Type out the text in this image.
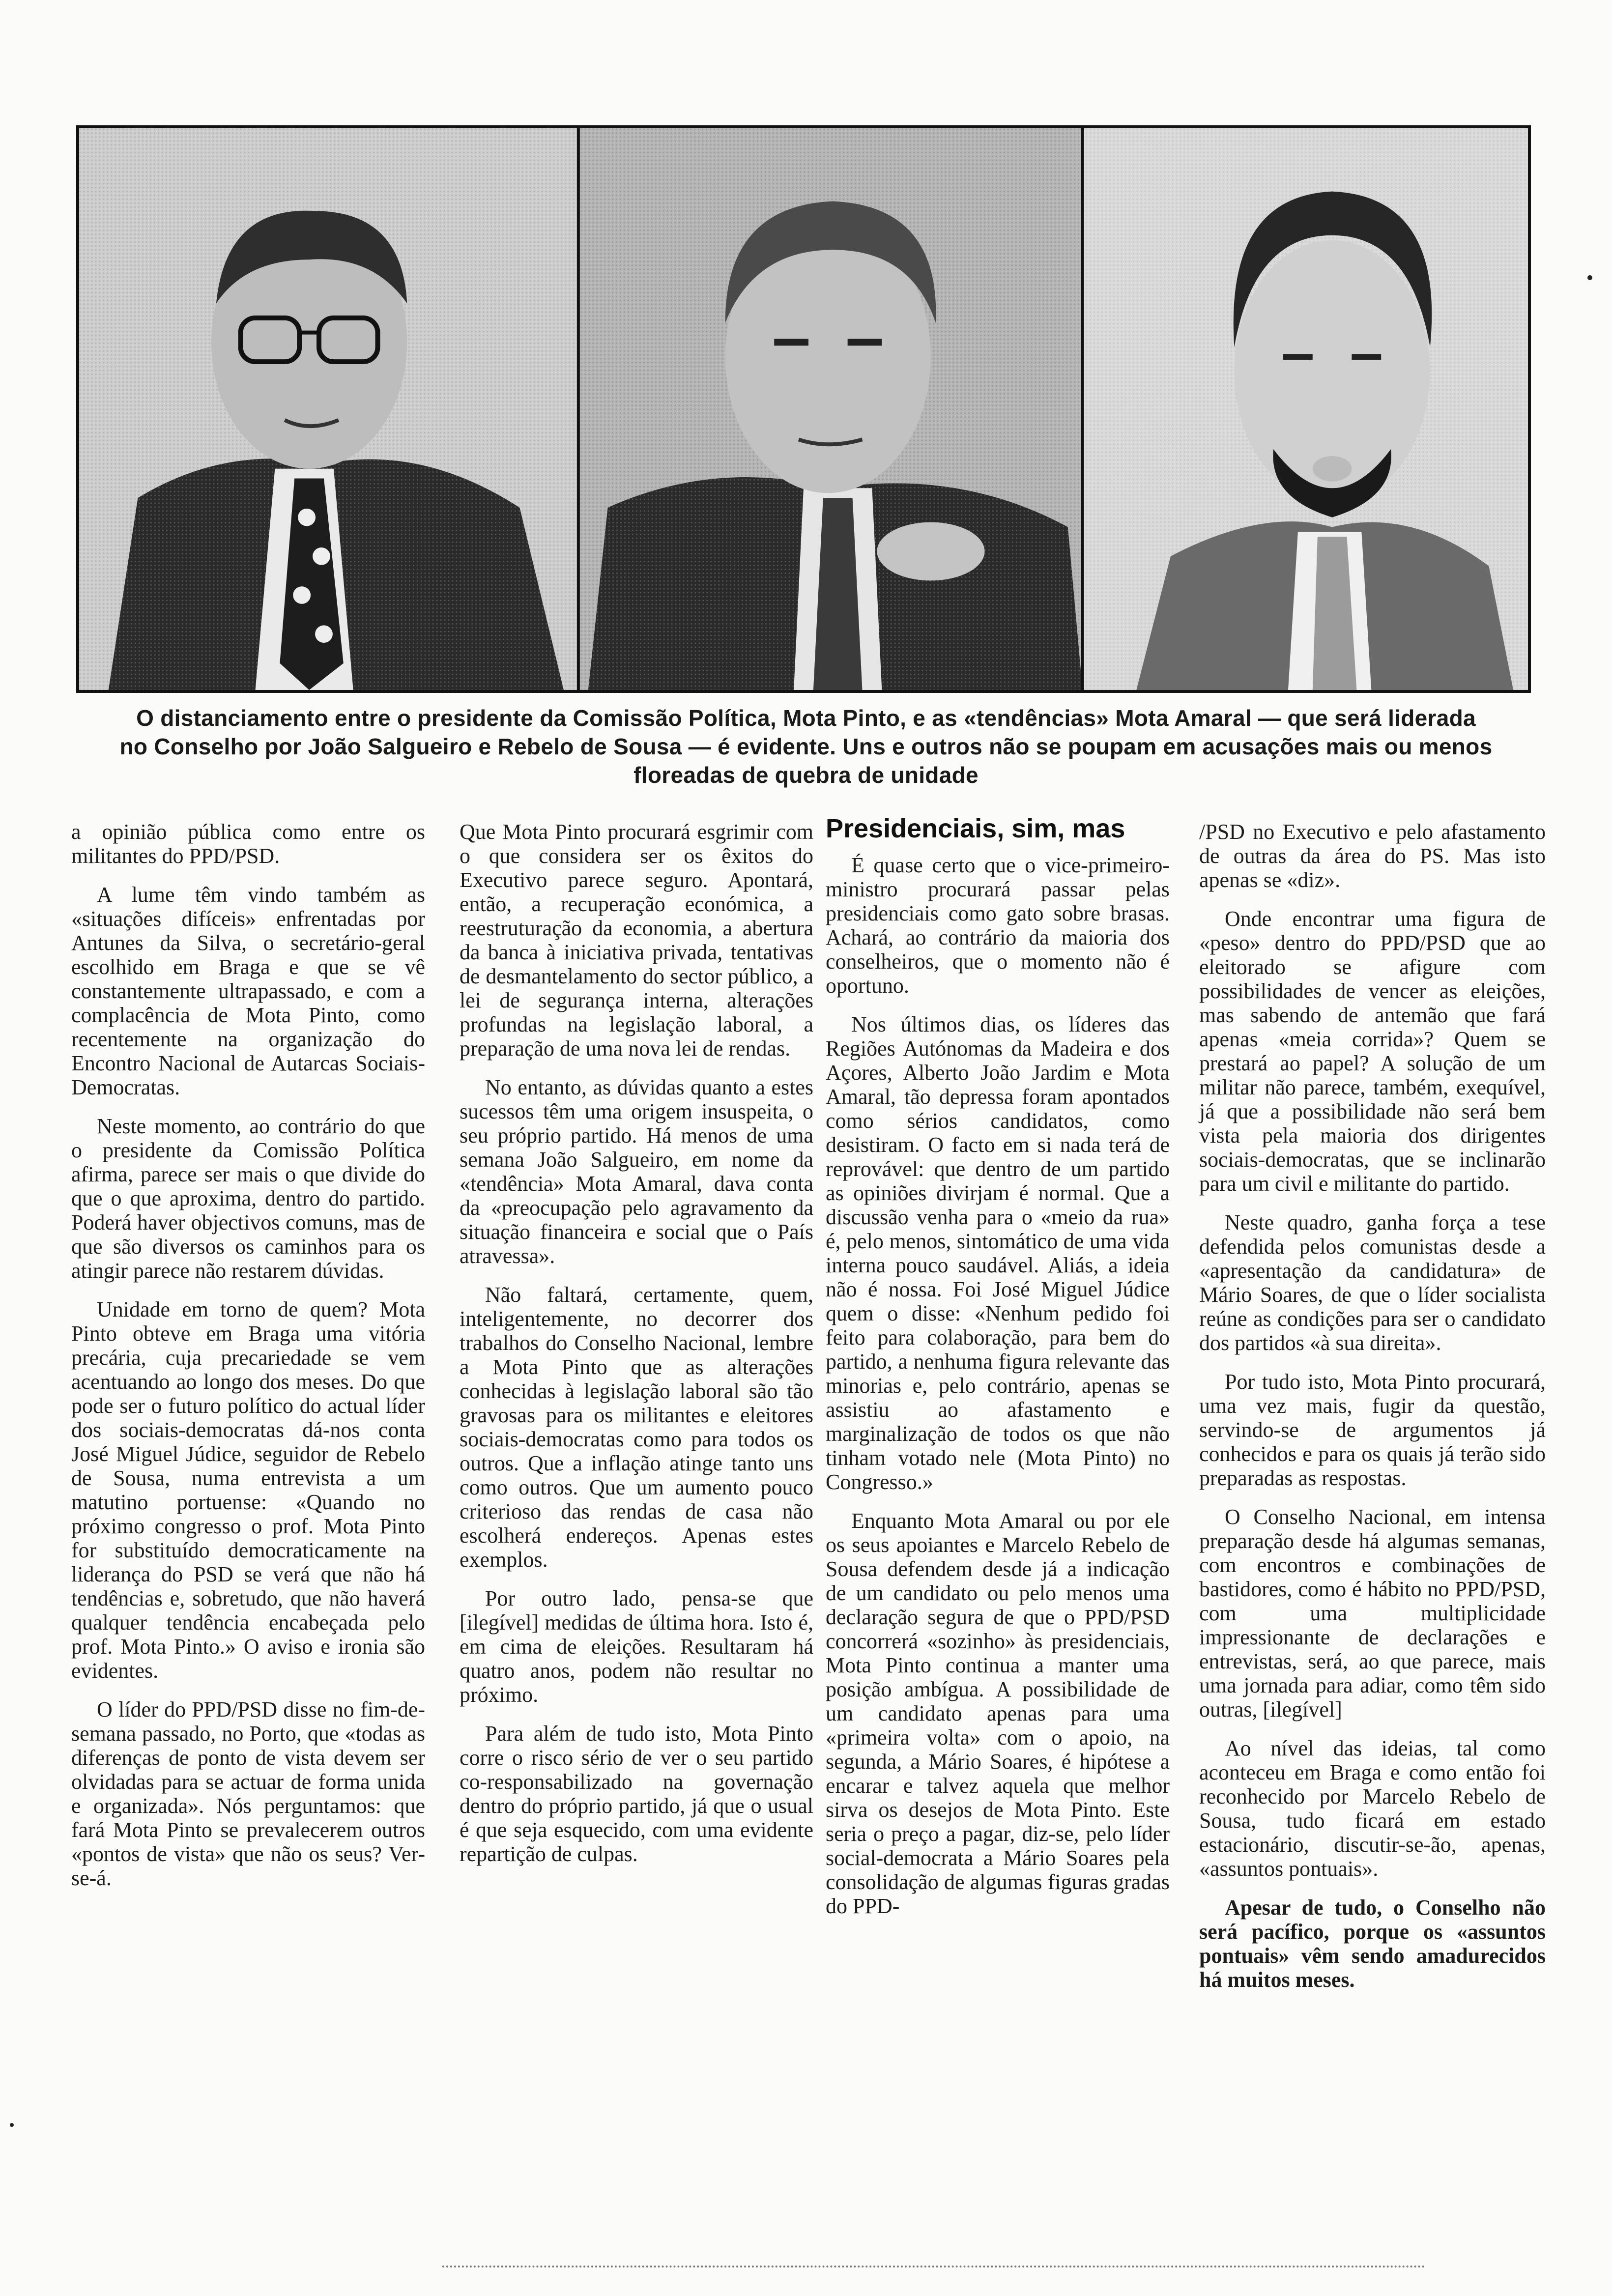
O distanciamento entre o presidente da Comissão Política, Mota Pinto, e as «tendências» Mota Amaral — que será liderada
no Conselho por João Salgueiro e Rebelo de Sousa — é evidente. Uns e outros não se poupam em acusações mais ou menos
floreadas de quebra de unidade

a opinião pública como entre os militantes do PPD/PSD.

A lume têm vindo também as «situações difíceis» enfrentadas por Antunes da Silva, o secretário-geral escolhido em Braga e que se vê constantemente ultrapassado, e com a complacência de Mota Pinto, como recentemente na organização do Encontro Nacional de Autarcas Sociais-Democratas.

Neste momento, ao contrário do que o presidente da Comissão Política afirma, parece ser mais o que divide do que o que aproxima, dentro do partido. Poderá haver objectivos comuns, mas de que são diversos os caminhos para os atingir parece não restarem dúvidas.

Unidade em torno de quem? Mota Pinto obteve em Braga uma vitória precária, cuja precariedade se vem acentuando ao longo dos meses. Do que pode ser o futuro político do actual líder dos sociais-democratas dá-nos conta José Miguel Júdice, seguidor de Rebelo de Sousa, numa entrevista a um matutino portuense: «Quando no próximo congresso o prof. Mota Pinto for substituído democraticamente na liderança do PSD se verá que não há tendências e, sobretudo, que não haverá qualquer tendência encabeçada pelo prof. Mota Pinto.» O aviso e ironia são evidentes.

O líder do PPD/PSD disse no fim-de-semana passado, no Porto, que «todas as diferenças de ponto de vista devem ser olvidadas para se actuar de forma unida e organizada». Nós perguntamos: que fará Mota Pinto se prevalecerem outros «pontos de vista» que não os seus? Ver-se-á.

Que Mota Pinto procurará esgrimir com o que considera ser os êxitos do Executivo parece seguro. Apontará, então, a recuperação económica, a reestruturação da economia, a abertura da banca à iniciativa privada, tentativas de desmantelamento do sector público, a lei de segurança interna, alterações profundas na legislação laboral, a preparação de uma nova lei de rendas.

No entanto, as dúvidas quanto a estes sucessos têm uma origem insuspeita, o seu próprio partido. Há menos de uma semana João Salgueiro, em nome da «tendência» Mota Amaral, dava conta da «preocupação pelo agravamento da situação financeira e social que o País atravessa».

Não faltará, certamente, quem, inteligentemente, no decorrer dos trabalhos do Conselho Nacional, lembre a Mota Pinto que as alterações conhecidas à legislação laboral são tão gravosas para os militantes e eleitores sociais-democratas como para todos os outros. Que a inflação atinge tanto uns como outros. Que um aumento pouco criterioso das rendas de casa não escolherá endereços. Apenas estes exemplos.

Por outro lado, pensa-se que [ilegível] medidas de última hora. Isto é, em cima de eleições. Resultaram há quatro anos, podem não resultar no próximo.

Para além de tudo isto, Mota Pinto corre o risco sério de ver o seu partido co-responsabilizado na governação dentro do próprio partido, já que o usual é que seja esquecido, com uma evidente repartição de culpas.

Presidenciais, sim, mas

É quase certo que o vice-primeiro-ministro procurará passar pelas presidenciais como gato sobre brasas. Achará, ao contrário da maioria dos conselheiros, que o momento não é oportuno.

Nos últimos dias, os líderes das Regiões Autónomas da Madeira e dos Açores, Alberto João Jardim e Mota Amaral, tão depressa foram apontados como sérios candidatos, como desistiram. O facto em si nada terá de reprovável: que dentro de um partido as opiniões divirjam é normal. Que a discussão venha para o «meio da rua» é, pelo menos, sintomático de uma vida interna pouco saudável. Aliás, a ideia não é nossa. Foi José Miguel Júdice quem o disse: «Nenhum pedido foi feito para colaboração, para bem do partido, a nenhuma figura relevante das minorias e, pelo contrário, apenas se assistiu ao afastamento e marginalização de todos os que não tinham votado nele (Mota Pinto) no Congresso.»

Enquanto Mota Amaral ou por ele os seus apoiantes e Marcelo Rebelo de Sousa defendem desde já a indicação de um candidato ou pelo menos uma declaração segura de que o PPD/PSD concorrerá «sozinho» às presidenciais, Mota Pinto continua a manter uma posição ambígua. A possibilidade de um candidato apenas para uma «primeira volta» com o apoio, na segunda, a Mário Soares, é hipótese a encarar e talvez aquela que melhor sirva os desejos de Mota Pinto. Este seria o preço a pagar, diz-se, pelo líder social-democrata a Mário Soares pela consolidação de algumas figuras gradas do PPD-

/PSD no Executivo e pelo afastamento de outras da área do PS. Mas isto apenas se «diz».

Onde encontrar uma figura de «peso» dentro do PPD/PSD que ao eleitorado se afigure com possibilidades de vencer as eleições, mas sabendo de antemão que fará apenas «meia corrida»? Quem se prestará ao papel? A solução de um militar não parece, também, exequível, já que a possibilidade não será bem vista pela maioria dos dirigentes sociais-democratas, que se inclinarão para um civil e militante do partido.

Neste quadro, ganha força a tese defendida pelos comunistas desde a «apresentação da candidatura» de Mário Soares, de que o líder socialista reúne as condições para ser o candidato dos partidos «à sua direita».

Por tudo isto, Mota Pinto procurará, uma vez mais, fugir da questão, servindo-se de argumentos já conhecidos e para os quais já terão sido preparadas as respostas.

O Conselho Nacional, em intensa preparação desde há algumas semanas, com encontros e combinações de bastidores, como é hábito no PPD/PSD, com uma multiplicidade impressionante de declarações e entrevistas, será, ao que parece, mais uma jornada para adiar, como têm sido outras, [ilegível]

Ao nível das ideias, tal como aconteceu em Braga e como então foi reconhecido por Marcelo Rebelo de Sousa, tudo ficará em estado estacionário, discutir-se-ão, apenas, «assuntos pontuais».

Apesar de tudo, o Conselho não será pacífico, porque os «assuntos pontuais» vêm sendo amadurecidos há muitos meses.
